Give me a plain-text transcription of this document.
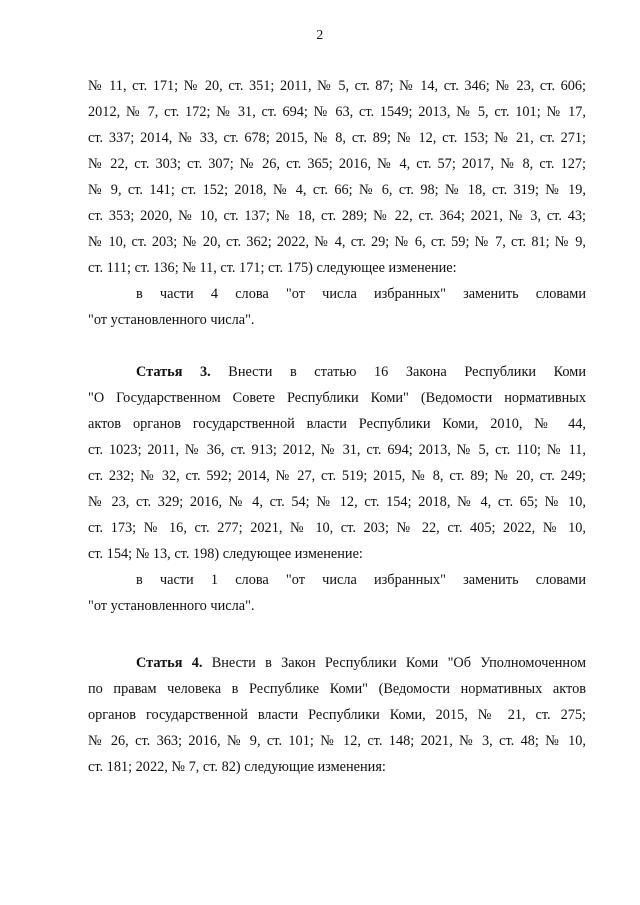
2
№ 11, ст. 171; № 20, ст. 351; 2011, № 5, ст. 87; № 14, ст. 346; № 23, ст. 606;
2012, № 7, ст. 172; № 31, ст. 694; № 63, ст. 1549; 2013, № 5, ст. 101; № 17,
ст. 337; 2014, № 33, ст. 678; 2015, № 8, ст. 89; № 12, ст. 153; № 21, ст. 271;
№ 22, ст. 303; ст. 307; № 26, ст. 365; 2016, № 4, ст. 57; 2017, № 8, ст. 127;
№ 9, ст. 141; ст. 152; 2018, № 4, ст. 66; № 6, ст. 98; № 18, ст. 319; № 19,
ст. 353; 2020, № 10, ст. 137; № 18, ст. 289; № 22, ст. 364; 2021, № 3, ст. 43;
№ 10, ст. 203; № 20, ст. 362; 2022, № 4, ст. 29; № 6, ст. 59; № 7, ст. 81; № 9,
ст. 111; ст. 136; № 11, ст. 171; ст. 175) следующее изменение:
в части 4 слова "от числа избранных" заменить словами
"от установленного числа".
Статья 3. Внести в статью 16 Закона Республики Коми
"О Государственном Совете Республики Коми" (Ведомости нормативных
актов органов государственной власти Республики Коми, 2010, № 44,
ст. 1023; 2011, № 36, ст. 913; 2012, № 31, ст. 694; 2013, № 5, ст. 110; № 11,
ст. 232; № 32, ст. 592; 2014, № 27, ст. 519; 2015, № 8, ст. 89; № 20, ст. 249;
№ 23, ст. 329; 2016, № 4, ст. 54; № 12, ст. 154; 2018, № 4, ст. 65; № 10,
ст. 173; № 16, ст. 277; 2021, № 10, ст. 203; № 22, ст. 405; 2022, № 10,
ст. 154; № 13, ст. 198) следующее изменение:
в части 1 слова "от числа избранных" заменить словами
"от установленного числа".
Статья 4. Внести в Закон Республики Коми "Об Уполномоченном
по правам человека в Республике Коми" (Ведомости нормативных актов
органов государственной власти Республики Коми, 2015, № 21, ст. 275;
№ 26, ст. 363; 2016, № 9, ст. 101; № 12, ст. 148; 2021, № 3, ст. 48; № 10,
ст. 181; 2022, № 7, ст. 82) следующие изменения:
